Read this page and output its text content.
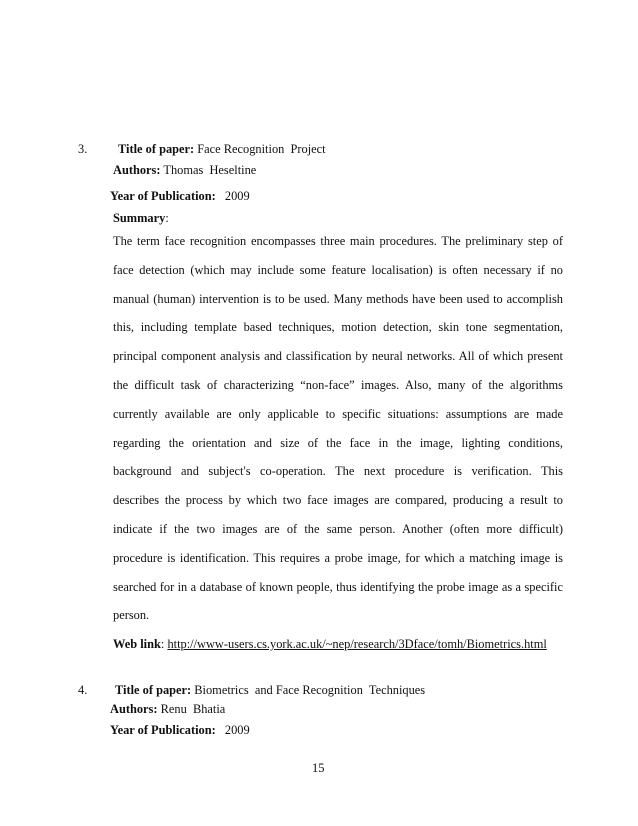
3. Title of paper: Face Recognition  Project
Authors: Thomas  Heseltine
Year of Publication: 2009
Summary:
The term face recognition encompasses three main procedures. The preliminary step of
face detection (which may include some feature localisation) is often necessary if no
manual (human) intervention is to be used. Many methods have been used to accomplish
this, including template based techniques, motion detection, skin tone segmentation,
principal component analysis and classification by neural networks. All of which present
the difficult task of characterizing “non-face” images. Also, many of the algorithms
currently available are only applicable to specific situations: assumptions are made
regarding the orientation and size of the face in the image, lighting conditions,
background and subject's co-operation. The next procedure is verification. This
describes the process by which two face images are compared, producing a result to
indicate if the two images are of the same person. Another (often more difficult)
procedure is identification. This requires a probe image, for which a matching image is
searched for in a database of known people, thus identifying the probe image as a specific
person.
Web link: http://www-users.cs.york.ac.uk/~nep/research/3Dface/tomh/Biometrics.html
4. Title of paper: Biometrics  and Face Recognition  Techniques
Authors: Renu  Bhatia
Year of Publication: 2009
15
